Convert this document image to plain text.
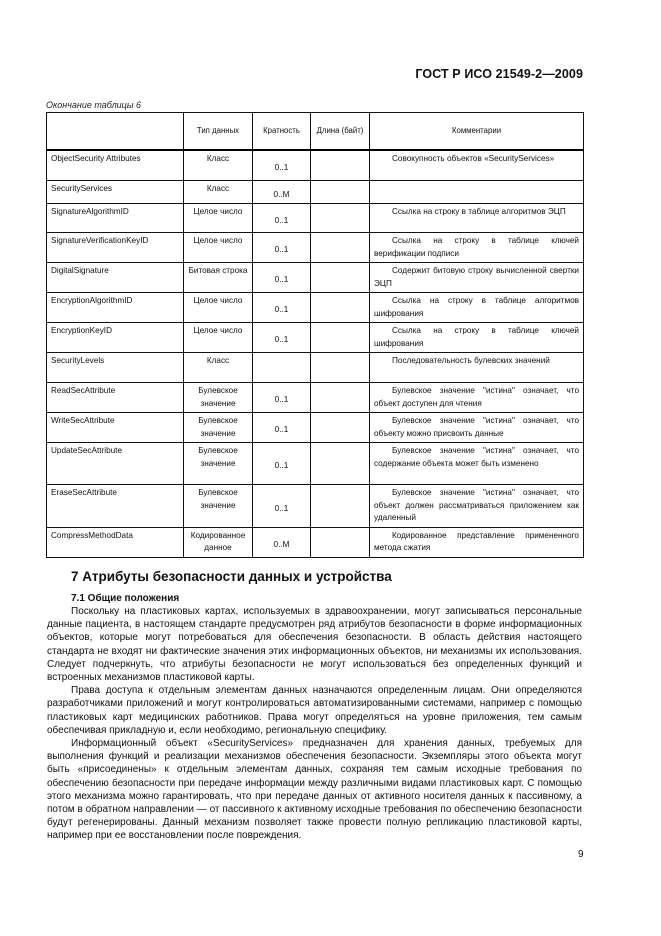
ГОСТ Р ИСО 21549-2—2009
Окончание таблицы 6
	Тип данных	Кратность	Длина (байт)	Комментарии
ObjectSecurity Attributes	Класс	0..1		Совокупность объектов «SecurityServices»
SecurityServices	Класс	0..M		
SignatureAlgorithmID	Целое число	0..1		Ссылка на строку в таблице алгоритмов ЭЦП
SignatureVerificationKeyID	Целое число	0..1		Ссылка на строку в таблице ключей верификации подписи
DigitalSignature	Битовая строка	0..1		Содержит битовую строку вычисленной свертки ЭЦП
EncryptionAlgorithmID	Целое число	0..1		Ссылка на строку в таблице алгоритмов шифрования
EncryptionKeyID	Целое число	0..1		Ссылка на строку в таблице ключей шифрования
SecurityLevels	Класс			Последовательность булевских значений
ReadSecAttribute	Булевское значение	0..1		Булевское значение "истина" означает, что объект доступен для чтения
WriteSecAttribute	Булевское значение	0..1		Булевское значение "истина" означает, что объекту можно присвоить данные
UpdateSecAttribute	Булевское значение	0..1		Булевское значение "истина" означает, что содержание объекта может быть изменено
EraseSecAttribute	Булевское значение	0..1		Булевское значение "истина" означает, что объект должен рассматриваться приложением как удаленный
CompressMethodData	Кодированное данное	0..M		Кодированное представление примененного метода сжатия
7 Атрибуты безопасности данных и устройства
7.1 Общие положения

Поскольку на пластиковых картах, используемых в здравоохранении, могут записываться персональные данные пациента, в настоящем стандарте предусмотрен ряд атрибутов безопасности в форме информационных объектов, которые могут потребоваться для обеспечения безопасности. В область действия настоящего стандарта не входят ни фактические значения этих информационных объектов, ни механизмы их использования. Следует подчеркнуть, что атрибуты безопасности не могут использоваться без определенных функций и встроенных механизмов пластиковой карты.

Права доступа к отдельным элементам данных назначаются определенным лицам. Они определяются разработчиками приложений и могут контролироваться автоматизированными системами, например с помощью пластиковых карт медицинских работников. Права могут определяться на уровне приложения, тем самым обеспечивая прикладную и, если необходимо, региональную специфику.

Информационный объект «SecurityServices» предназначен для хранения данных, требуемых для выполнения функций и реализации механизмов обеспечения безопасности. Экземпляры этого объекта могут быть «присоединены» к отдельным элементам данных, сохраняя тем самым исходные требования по обеспечению безопасности при передаче информации между различными видами пластиковых карт. С помощью этого механизма можно гарантировать, что при передаче данных от активного носителя данных к пассивному, а потом в обратном направлении — от пассивного к активному исходные требования по обеспечению безопасности будут регенерированы. Данный механизм позволяет также провести полную репликацию пластиковой карты, например при ее восстановлении после повреждения.

9
